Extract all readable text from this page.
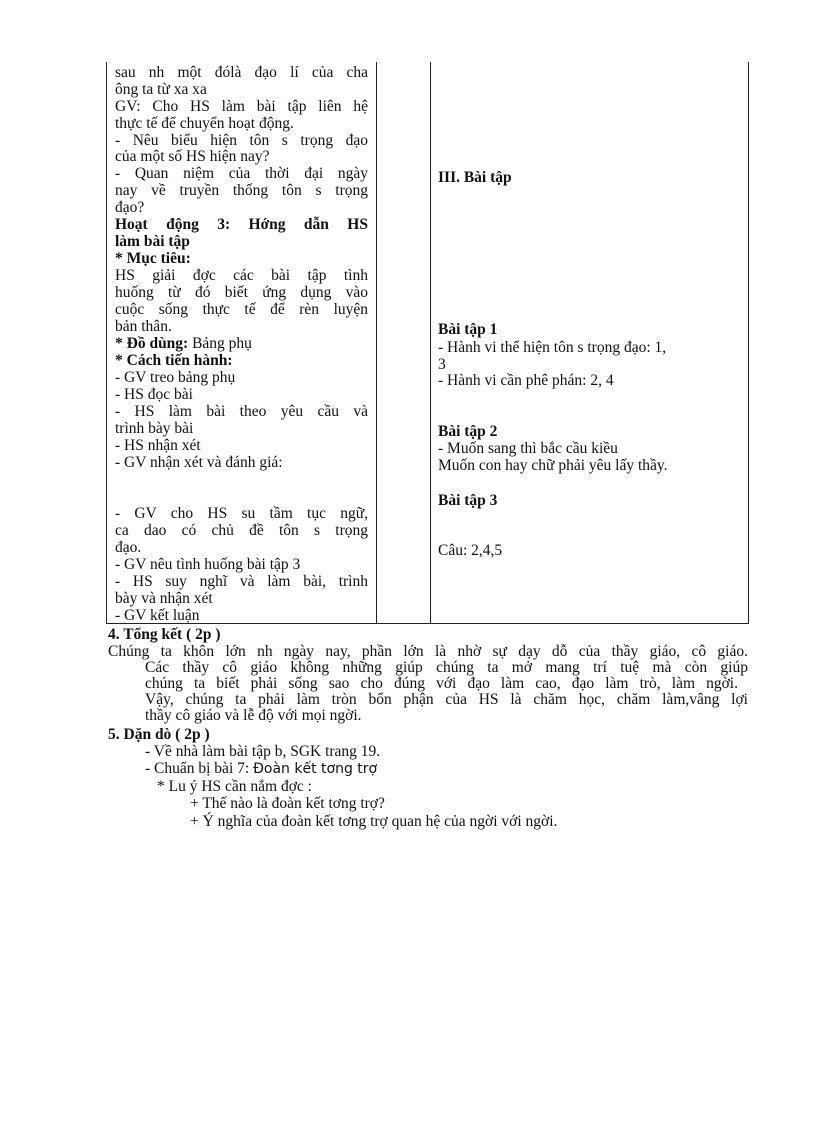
sau nh một đólà đạo lí của cha
ông ta từ xa xa
GV: Cho HS làm bài tập liên hệ
thực tế để chuyển hoạt động.
- Nêu biểu hiện tôn s trọng đạo
của một số HS hiện nay?
- Quan niệm của thời đại ngày
nay về truyền thống tôn s trọng
đạo?
Hoạt động 3: Hớng dẫn HS
làm bài tập
* Mục tiêu:
HS giải đợc các bài tập tình
huống từ đó biết ứng dụng vào
cuộc sống thực tế để rèn luyện
bản thân.
* Đồ dùng: Bảng phụ
* Cách tiến hành:
- GV treo bảng phụ
- HS đọc bài
- HS làm bài theo yêu cầu và
trình bày bài
- HS nhận xét
- GV nhận xét và đánh giá:
- GV cho HS su tầm tục ngữ,
ca dao có chủ đề tôn s trọng
đạo.
- GV nêu tình huống bài tập 3
- HS suy nghĩ và làm bài, trình
bày và nhận xét
- GV kết luận
III. Bài tập
Bài tập 1
- Hành vi thể hiện tôn s trọng đạo: 1,
3
- Hành vi cần phê phán: 2, 4
Bài tập 2
- Muốn sang thì bắc cầu kiều
Muốn con hay chữ phải yêu lấy thầy.
Bài tập 3
Câu: 2,4,5
4. Tổng kết ( 2p )
Chúng ta khôn lớn nh ngày nay, phần lớn là nhờ sự dạy dỗ của thầy giáo, cô giáo.
Các thầy cô giáo không những giúp chúng ta mở mang trí tuệ mà còn giúp
chúng ta biết phải sống sao cho đúng với đạo làm cao, đạo làm trò, làm ngời.
Vậy, chúng ta phải làm tròn bổn phận của HS là chăm học, chăm làm,vâng lợi
thầy cô giáo và lễ độ với mọi ngời.
5. Dặn dò ( 2p )
- Về nhà làm bài tập b, SGK trang 19.
- Chuẩn bị bài 7: Đoàn kết tơng trợ
* Lu ý HS cần nắm đợc :
+ Thế nào là đoàn kết tơng trợ?
+ Ý nghĩa của đoàn kết tơng trợ quan hệ của ngời với ngời.
